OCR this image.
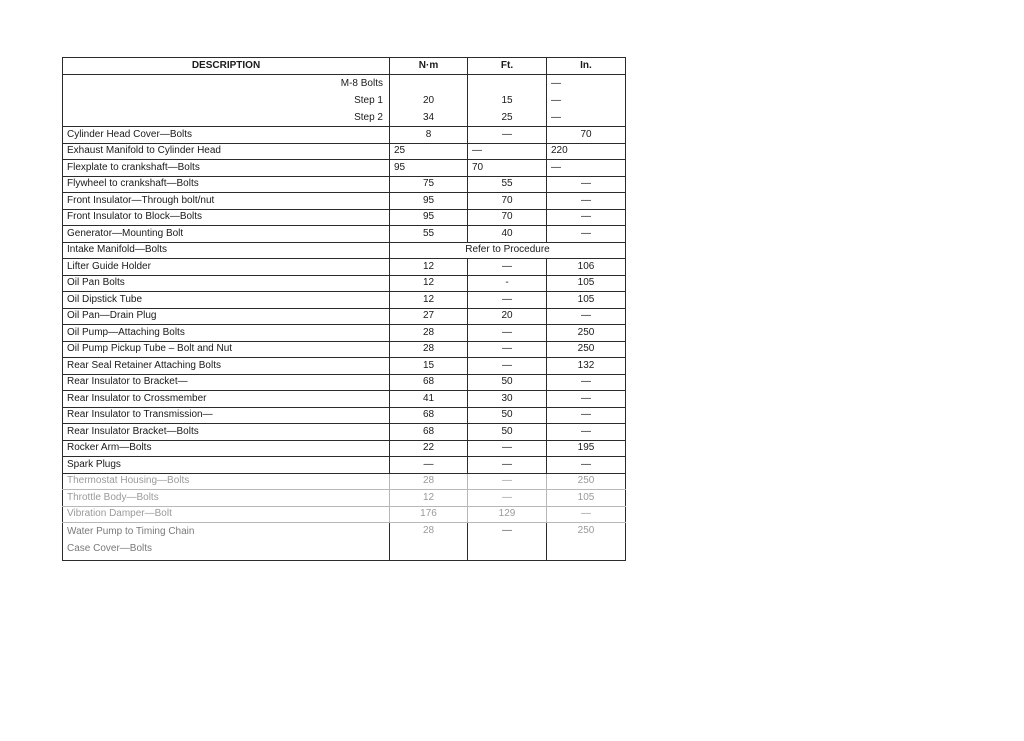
DESCRIPTION	N·m	Ft.	In.
M-8 Bolts			—
Step 1	20	15	—
Step 2	34	25	—
Cylinder Head Cover—Bolts	8	—	70
Exhaust Manifold to Cylinder Head	25	—	220
Flexplate to crankshaft—Bolts	95	70	—
Flywheel to crankshaft—Bolts	75	55	—
Front Insulator—Through bolt/nut	95	70	—
Front Insulator to Block—Bolts	95	70	—
Generator—Mounting Bolt	55	40	—
Intake Manifold—Bolts	Refer to Procedure		
Lifter Guide Holder	12	—	106
Oil Pan Bolts	12	-	105
Oil Dipstick Tube	12	—	105
Oil Pan—Drain Plug	27	20	—
Oil Pump—Attaching Bolts	28	—	250
Oil Pump Pickup Tube – Bolt and Nut	28	—	250
Rear Seal Retainer Attaching Bolts	15	—	132
Rear Insulator to Bracket—	68	50	—
Rear Insulator to Crossmember	41	30	—
Rear Insulator to Transmission—	68	50	—
Rear Insulator Bracket—Bolts	68	50	—
Rocker Arm—Bolts	22	—	195
Spark Plugs	—	—	—
Thermostat Housing—Bolts	28	—	250
Throttle Body—Bolts	12	—	105
Vibration Damper—Bolt	176	129	—

Water Pump to Timing Chain
Case Cover—Bolts	28	—	250
